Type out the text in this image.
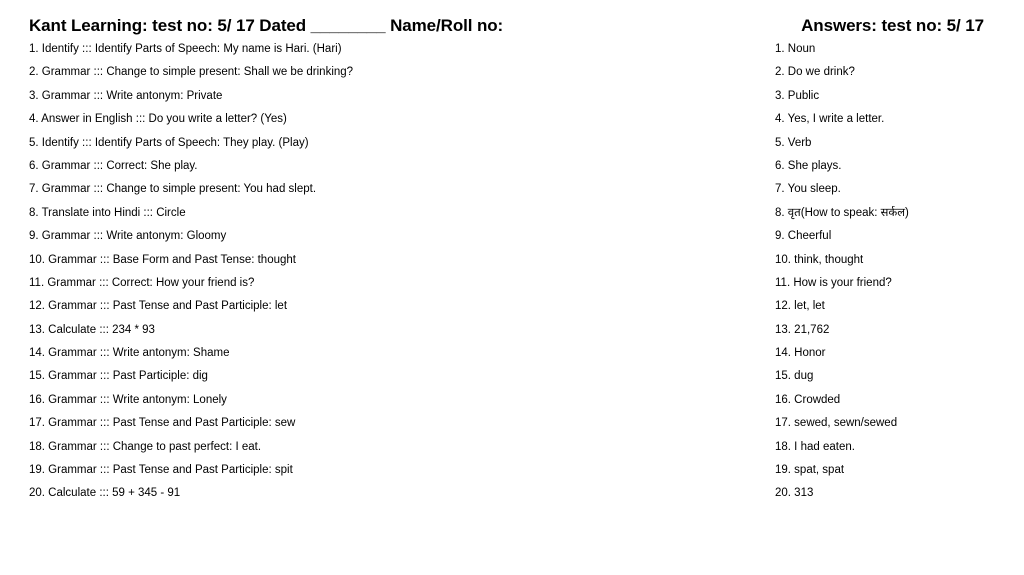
Kant Learning: test no: 5/ 17 Dated ________ Name/Roll no:	Answers: test no: 5/ 17
1. Identify ::: Identify Parts of Speech: My name is Hari. (Hari)
2. Grammar ::: Change to simple present: Shall we be drinking?
3. Grammar ::: Write antonym: Private
4. Answer in English ::: Do you write a letter? (Yes)
5. Identify ::: Identify Parts of Speech: They play. (Play)
6. Grammar ::: Correct: She play.
7. Grammar ::: Change to simple present: You had slept.
8. Translate into Hindi ::: Circle
9. Grammar ::: Write antonym: Gloomy
10. Grammar ::: Base Form and Past Tense: thought
11. Grammar ::: Correct: How your friend is?
12. Grammar ::: Past Tense and Past Participle: let
13. Calculate ::: 234 * 93
14. Grammar ::: Write antonym: Shame
15. Grammar ::: Past Participle: dig
16. Grammar ::: Write antonym: Lonely
17. Grammar ::: Past Tense and Past Participle: sew
18. Grammar ::: Change to past perfect: I eat.
19. Grammar ::: Past Tense and Past Participle: spit
20. Calculate ::: 59 + 345 - 91
1. Noun
2. Do we drink?
3. Public
4. Yes, I write a letter.
5. Verb
6. She plays.
7. You sleep.
8. वृत(How to speak: सर्कल)
9. Cheerful
10. think, thought
11. How is your friend?
12. let, let
13. 21,762
14. Honor
15. dug
16. Crowded
17. sewed, sewn/sewed
18. I had eaten.
19. spat, spat
20. 313
